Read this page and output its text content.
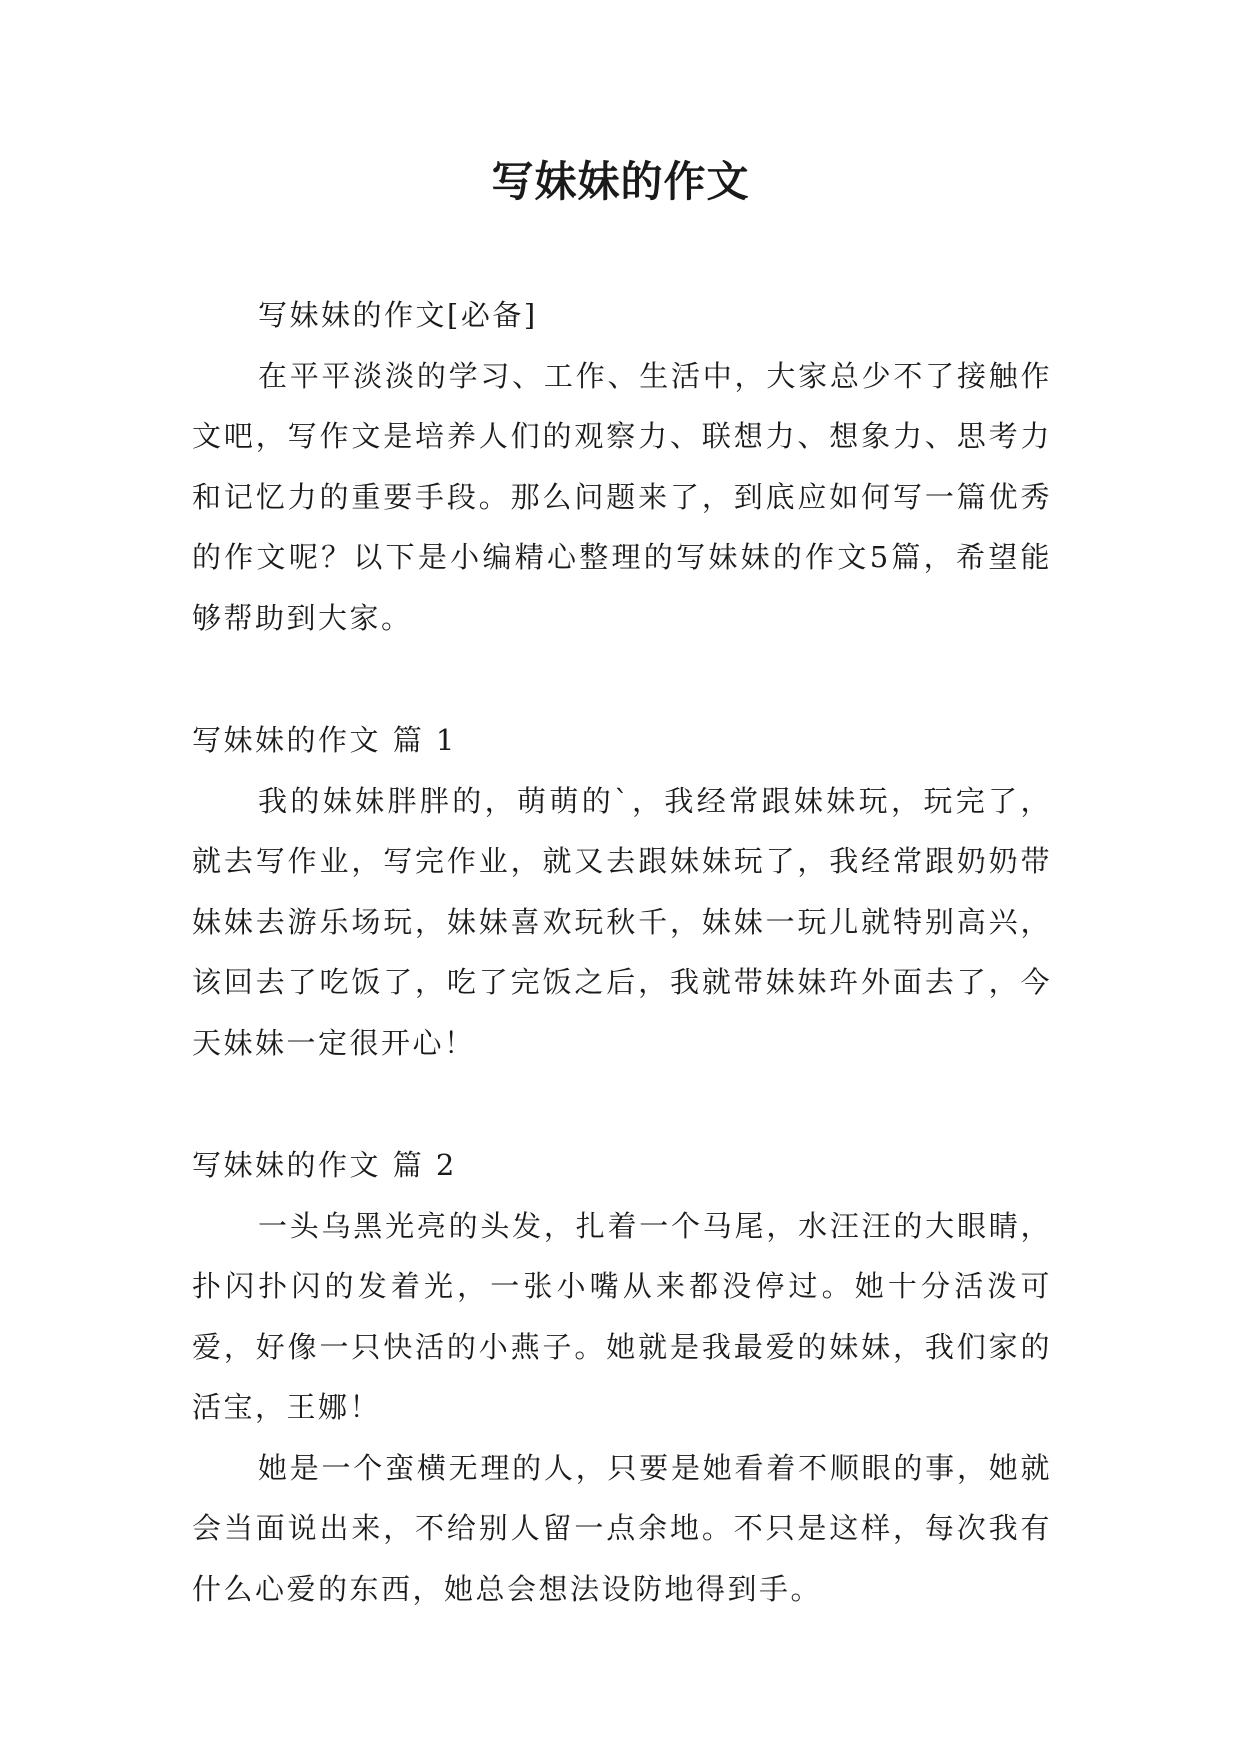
写妹妹的作文

写妹妹的作文[必备]

在平平淡淡的学习、工作、生活中，大家总少不了接触作文吧，写作文是培养人们的观察力、联想力、想象力、思考力和记忆力的重要手段。那么问题来了，到底应如何写一篇优秀的作文呢？以下是小编精心整理的写妹妹的作文5篇，希望能够帮助到大家。

写妹妹的作文 篇 1

我的妹妹胖胖的，萌萌的`，我经常跟妹妹玩，玩完了，就去写作业，写完作业，就又去跟妹妹玩了，我经常跟奶奶带妹妹去游乐场玩，妹妹喜欢玩秋千，妹妹一玩儿就特别高兴，该回去了吃饭了，吃了完饭之后，我就带妹妹玝外面去了，今天妹妹一定很开心！

写妹妹的作文 篇 2

一头乌黑光亮的头发，扎着一个马尾，水汪汪的大眼睛，扑闪扑闪的发着光，一张小嘴从来都没停过。她十分活泼可爱，好像一只快活的小燕子。她就是我最爱的妹妹，我们家的活宝，王娜！

她是一个蛮横无理的人，只要是她看着不顺眼的事，她就会当面说出来，不给别人留一点余地。不只是这样，每次我有什么心爱的东西，她总会想法设防地得到手。
